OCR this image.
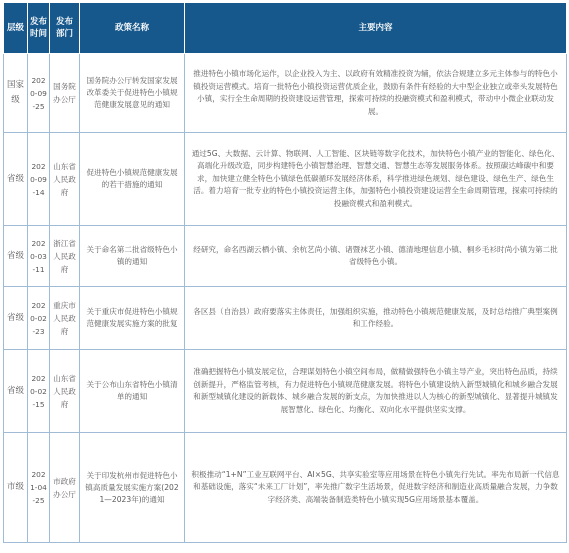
层级	发布时间	发布部门	政策名称	主要内容
国家级	2020-09-25	国务院办公厅	国务院办公厅转发国家发展改革委关于促进特色小镇规范健康发展意见的通知	推进特色小镇市场化运作，以企业投入为主、以政府有效精准投资为辅，依法合规建立多元主体参与的特色小镇投资运营模式。培育一批特色小镇投资运营优质企业，鼓励有条件有经验的大中型企业独立或牵头发展特色小镇，实行全生命周期的投资建设运营管理，探索可持续的投融资模式和盈利模式，带动中小微企业联动发展。
省级	2020-09-14	山东省人民政府	促进特色小镇规范健康发展的若干措施的通知	通过5G、大数据、云计算、物联网、人工智能、区块链等数字化技术，加快特色小镇产业的智能化、绿色化、高端化升级改造，同步构建特色小镇智慧治理、智慧交通、智慧生态等发展服务体系。按照碳达峰碳中和要求，加快建立健全特色小镇绿色低碳循环发展经济体系，科学推进绿色规划、绿色建设、绿色生产、绿色生活。着力培育一批专业的特色小镇投资运营主体，加强特色小镇投资建设运营全生命周期管理，探索可持续的投融资模式和盈利模式。
省级	2020-03-11	浙江省人民政府	关于命名第二批省级特色小镇的通知	经研究，命名西湖云栖小镇、余杭艺尚小镇、诸暨袜艺小镇、德清地理信息小镇、桐乡毛衫时尚小镇为第二批省级特色小镇。
省级	2020-02-23	重庆市人民政府	关于重庆市促进特色小镇规范健康发展实施方案的批复	各区县（自治县）政府要落实主体责任，加强组织实施，推动特色小镇规范健康发展，及时总结推广典型案例和工作经验。
省级	2020-02-15	山东省人民政府	关于公布山东省特色小镇清单的通知	准确把握特色小镇发展定位，合理谋划特色小镇空间布局，做精做强特色小镇主导产业，突出特色品质，持续创新提升，严格监管考核，有力促进特色小镇规范健康发展。将特色小镇建设纳入新型城镇化和城乡融合发展和新型城镇化建设的新载体、城乡融合发展的新支点，为加快推进以人为核心的新型城镇化、显著提升城镇发展智慧化、绿色化、均衡化、双向化水平提供坚实支撑。
市级	2021-04-25	市政府办公厅	关于印发杭州市促进特色小镇高质量发展实施方案(2021—2023年)的通知	积极推动“1+N”工业互联网平台、AI×5G、共享实验室等应用场景在特色小镇先行先试。率先布局新一代信息和基础设施，落实“未来工厂计划”，率先推广数字生活场景，促进数字经济和制造业高质量融合发展，力争数字经济类、高端装备制造类特色小镇实现5G应用场景基本覆盖。
